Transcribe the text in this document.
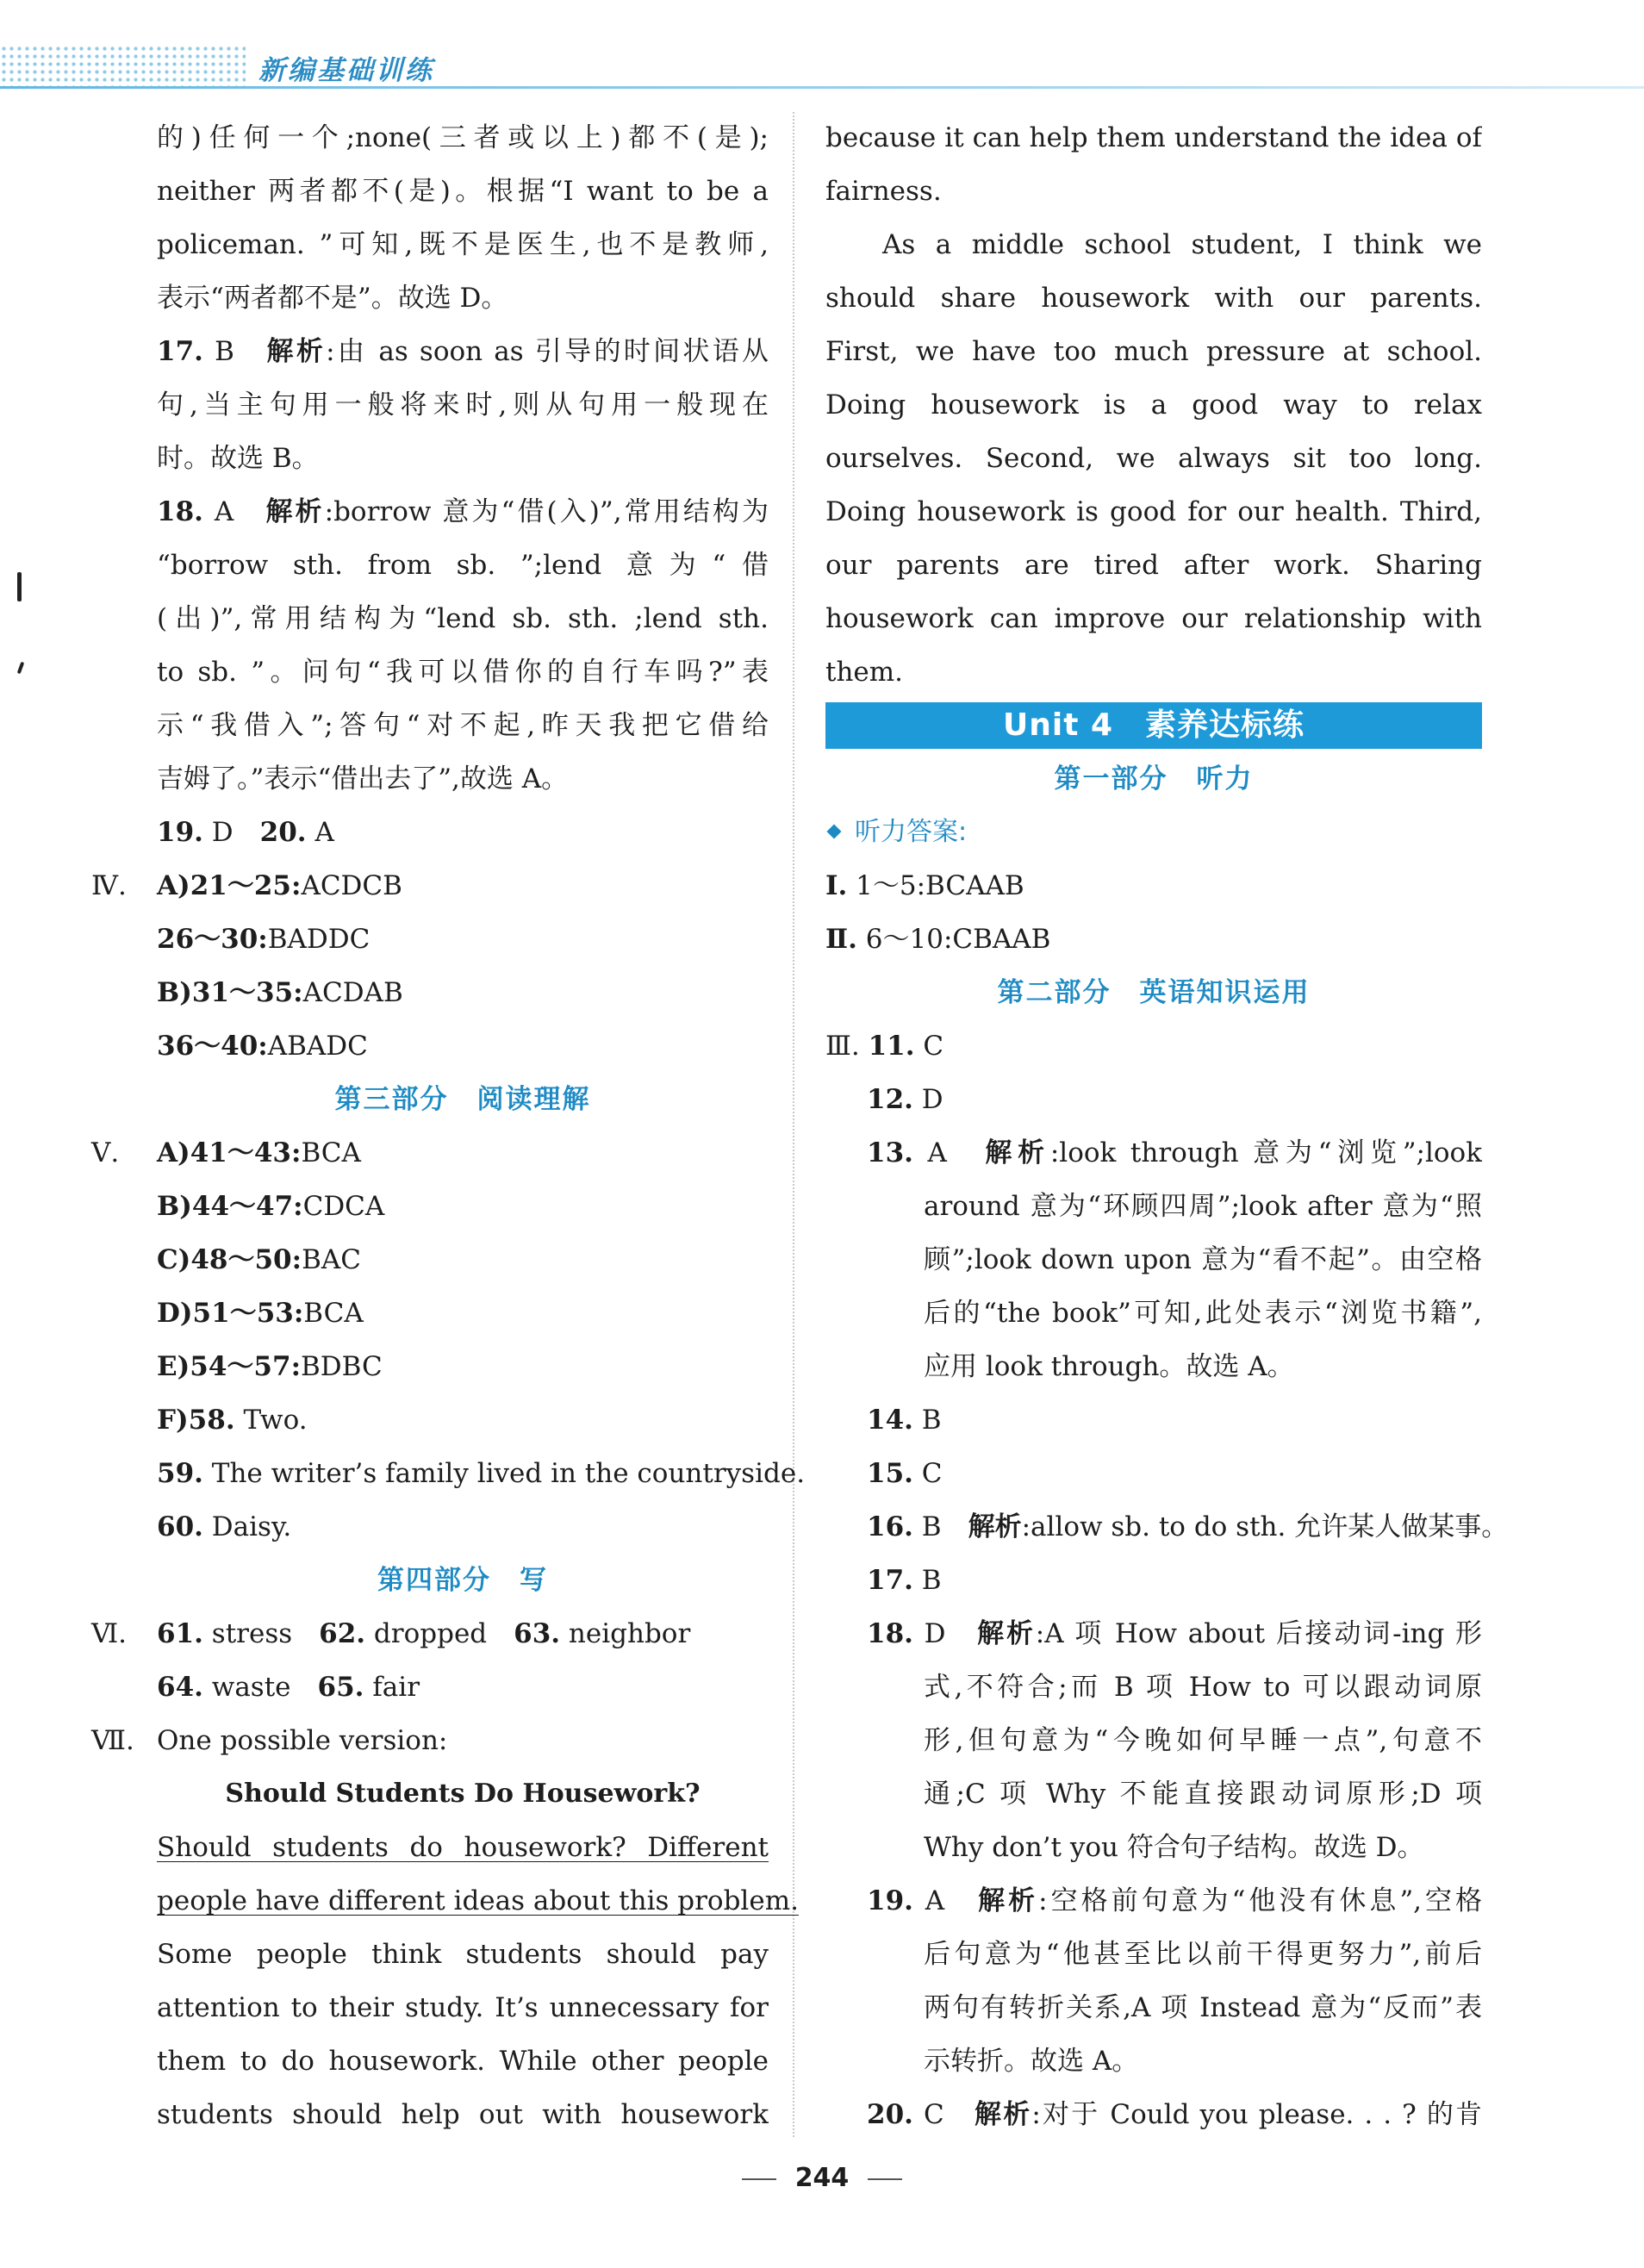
新编基础训练
的)任何一个;none(三者或以上)都不(是);
neither 两者都不(是)。根据“I want to be a
policeman. ”可知,既不是医生,也不是教师,
表示“两者都不是”。故选 D。
17. B　解析:由 as soon as 引导的时间状语从
句,当主句用一般将来时,则从句用一般现在
时。故选 B。
18. A　解析:borrow 意为“借(入)”,常用结构为
“borrow sth. from sb. ”;lend 意为“借
(出)”,常用结构为“lend sb. sth. ;lend sth.
to sb. ”。问句“我可以借你的自行车吗?”表
示“我借入”;答句“对不起,昨天我把它借给
吉姆了。”表示“借出去了”,故选 A。
19. D　20. A
Ⅳ. A)21～25:ACDCB
26～30:BADDC
B)31～35:ACDAB
36～40:ABADC
第三部分　阅读理解
Ⅴ. A)41～43:BCA
B)44～47:CDCA
C)48～50:BAC
D)51～53:BCA
E)54～57:BDBC
F)58. Two.
59. The writer’s family lived in the countryside.
60. Daisy.
第四部分　写
Ⅵ. 61. stress　62. dropped　63. neighbor
64. waste　65. fair
Ⅶ. One possible version:
Should Students Do Housework?
Should students do housework? Different
people have different ideas about this problem.
Some people think students should pay
attention to their study. It’s unnecessary for
them to do housework. While other people
students should help out with housework
because it can help them understand the idea of
fairness.
As a middle school student, I think we
should share housework with our parents.
First, we have too much pressure at school.
Doing housework is a good way to relax
ourselves. Second, we always sit too long.
Doing housework is good for our health. Third,
our parents are tired after work. Sharing
housework can improve our relationship with
them.
Unit 4　素养达标练
第一部分　听力
听力答案:
Ⅰ. 1～5:BCAAB
Ⅱ. 6～10:CBAAB
第二部分　英语知识运用
Ⅲ. 11. C
12. D
13. A　解析:look through 意为“浏览”;look
around 意为“环顾四周”;look after 意为“照
顾”;look down upon 意为“看不起”。由空格
后的“the book”可知,此处表示“浏览书籍”,
应用 look through。故选 A。
14. B
15. C
16. B　解析:allow sb. to do sth. 允许某人做某事。
17. B
18. D　解析:A 项 How about 后接动词-ing 形
式,不符合;而 B 项 How to 可以跟动词原
形,但句意为“今晚如何早睡一点”,句意不
通;C 项 Why 不能直接跟动词原形;D 项
Why don’t you 符合句子结构。故选 D。
19. A　解析:空格前句意为“他没有休息”,空格
后句意为“他甚至比以前干得更努力”,前后
两句有转折关系,A 项 Instead 意为“反而”表
示转折。故选 A。
20. C　解析:对于 Could you please. . . ? 的肯
244
